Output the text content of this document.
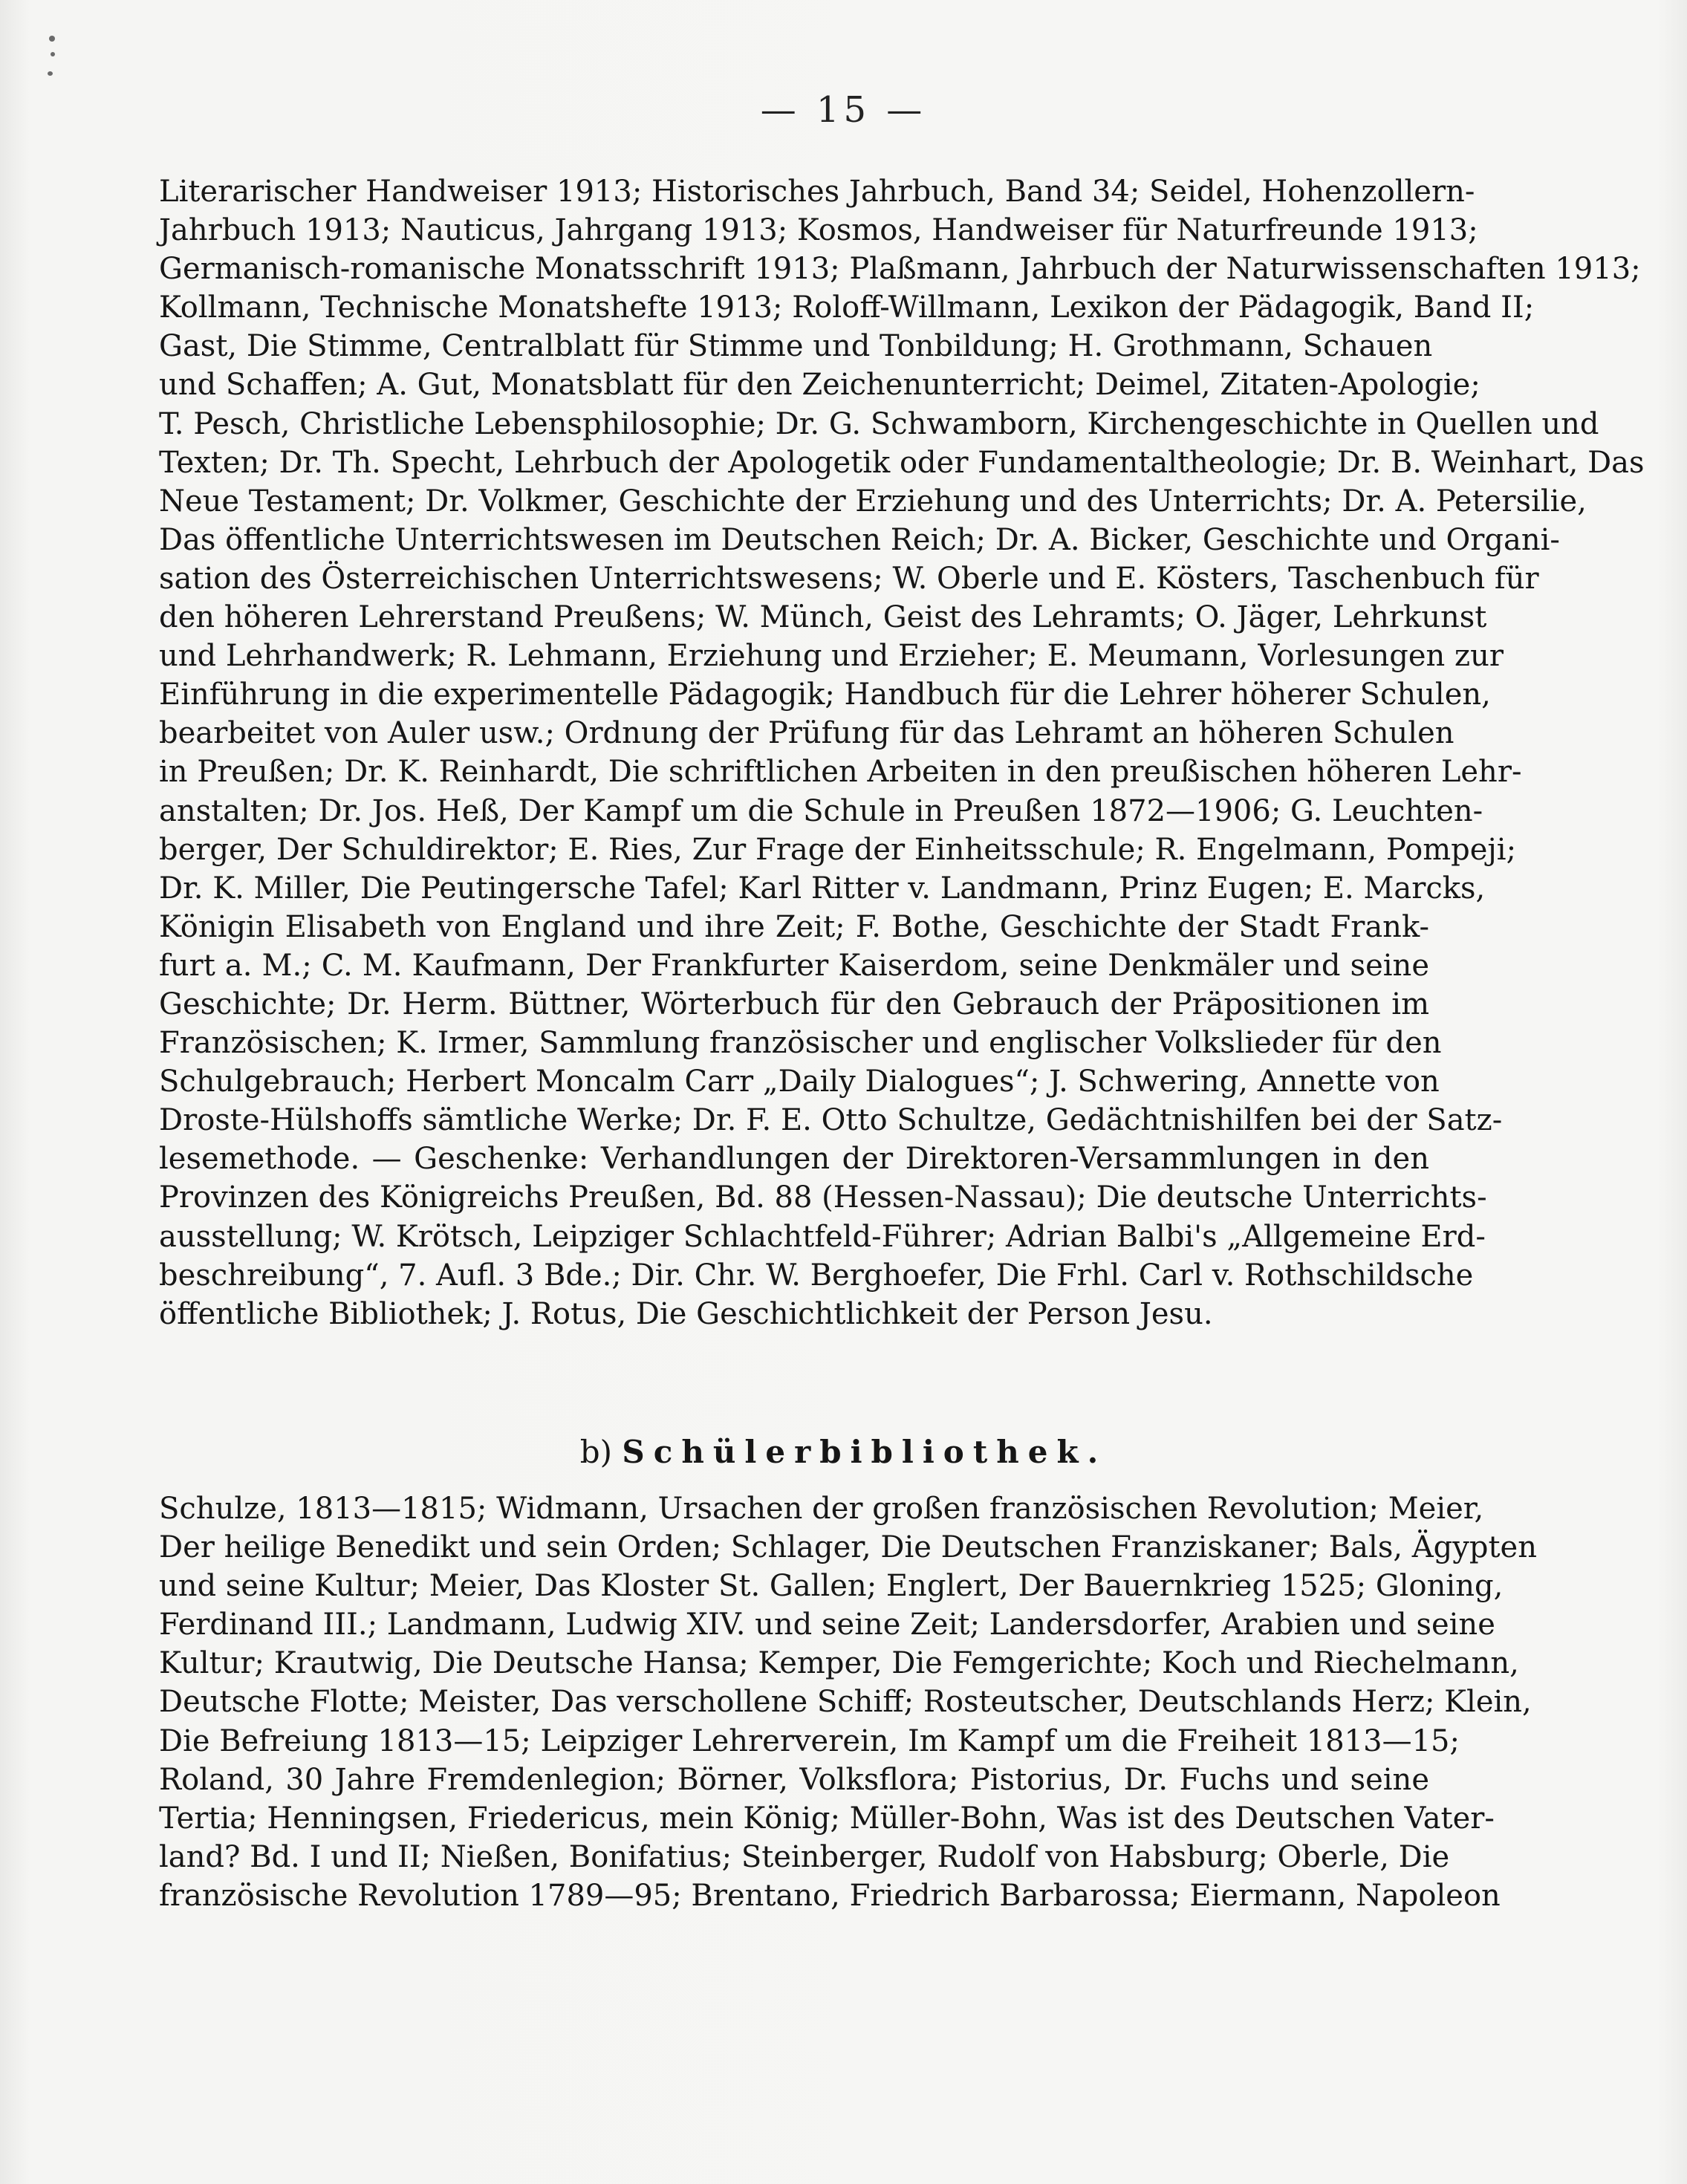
— 15 —
Literarischer Handweiser 1913; Historisches Jahrbuch, Band 34; Seidel, Hohenzollern-
Jahrbuch 1913; Nauticus, Jahrgang 1913; Kosmos, Handweiser für Naturfreunde 1913;
Germanisch-romanische Monatsschrift 1913; Plaßmann, Jahrbuch der Naturwissenschaften 1913;
Kollmann, Technische Monatshefte 1913; Roloff-Willmann, Lexikon der Pädagogik, Band II;
Gast, Die Stimme, Centralblatt für Stimme und Tonbildung; H. Grothmann, Schauen
und Schaffen; A. Gut, Monatsblatt für den Zeichenunterricht; Deimel, Zitaten-Apologie;
T. Pesch, Christliche Lebensphilosophie; Dr. G. Schwamborn, Kirchengeschichte in Quellen und
Texten; Dr. Th. Specht, Lehrbuch der Apologetik oder Fundamentaltheologie; Dr. B. Weinhart, Das
Neue Testament; Dr. Volkmer, Geschichte der Erziehung und des Unterrichts; Dr. A. Petersilie,
Das öffentliche Unterrichtswesen im Deutschen Reich; Dr. A. Bicker, Geschichte und Organi-
sation des Österreichischen Unterrichtswesens; W. Oberle und E. Kösters, Taschenbuch für
den höheren Lehrerstand Preußens; W. Münch, Geist des Lehramts; O. Jäger, Lehrkunst
und Lehrhandwerk; R. Lehmann, Erziehung und Erzieher; E. Meumann, Vorlesungen zur
Einführung in die experimentelle Pädagogik; Handbuch für die Lehrer höherer Schulen,
bearbeitet von Auler usw.; Ordnung der Prüfung für das Lehramt an höheren Schulen
in Preußen; Dr. K. Reinhardt, Die schriftlichen Arbeiten in den preußischen höheren Lehr-
anstalten; Dr. Jos. Heß, Der Kampf um die Schule in Preußen 1872—1906; G. Leuchten-
berger, Der Schuldirektor; E. Ries, Zur Frage der Einheitsschule; R. Engelmann, Pompeji;
Dr. K. Miller, Die Peutingersche Tafel; Karl Ritter v. Landmann, Prinz Eugen; E. Marcks,
Königin Elisabeth von England und ihre Zeit; F. Bothe, Geschichte der Stadt Frank-
furt a. M.; C. M. Kaufmann, Der Frankfurter Kaiserdom, seine Denkmäler und seine
Geschichte; Dr. Herm. Büttner, Wörterbuch für den Gebrauch der Präpositionen im
Französischen; K. Irmer, Sammlung französischer und englischer Volkslieder für den
Schulgebrauch; Herbert Moncalm Carr „Daily Dialogues“; J. Schwering, Annette von
Droste-Hülshoffs sämtliche Werke; Dr. F. E. Otto Schultze, Gedächtnishilfen bei der Satz-
lesemethode. — Geschenke: Verhandlungen der Direktoren-Versammlungen in den
Provinzen des Königreichs Preußen, Bd. 88 (Hessen-Nassau); Die deutsche Unterrichts-
ausstellung; W. Krötsch, Leipziger Schlachtfeld-Führer; Adrian Balbi's „Allgemeine Erd-
beschreibung“, 7. Aufl. 3 Bde.; Dir. Chr. W. Berghoefer, Die Frhl. Carl v. Rothschildsche
öffentliche Bibliothek; J. Rotus, Die Geschichtlichkeit der Person Jesu.
b) Schülerbibliothek.
Schulze, 1813—1815; Widmann, Ursachen der großen französischen Revolution; Meier,
Der heilige Benedikt und sein Orden; Schlager, Die Deutschen Franziskaner; Bals, Ägypten
und seine Kultur; Meier, Das Kloster St. Gallen; Englert, Der Bauernkrieg 1525; Gloning,
Ferdinand III.; Landmann, Ludwig XIV. und seine Zeit; Landersdorfer, Arabien und seine
Kultur; Krautwig, Die Deutsche Hansa; Kemper, Die Femgerichte; Koch und Riechelmann,
Deutsche Flotte; Meister, Das verschollene Schiff; Rosteutscher, Deutschlands Herz; Klein,
Die Befreiung 1813—15; Leipziger Lehrerverein, Im Kampf um die Freiheit 1813—15;
Roland, 30 Jahre Fremdenlegion; Börner, Volksflora; Pistorius, Dr. Fuchs und seine
Tertia; Henningsen, Friedericus, mein König; Müller-Bohn, Was ist des Deutschen Vater-
land? Bd. I und II; Nießen, Bonifatius; Steinberger, Rudolf von Habsburg; Oberle, Die
französische Revolution 1789—95; Brentano, Friedrich Barbarossa; Eiermann, Napoleon
